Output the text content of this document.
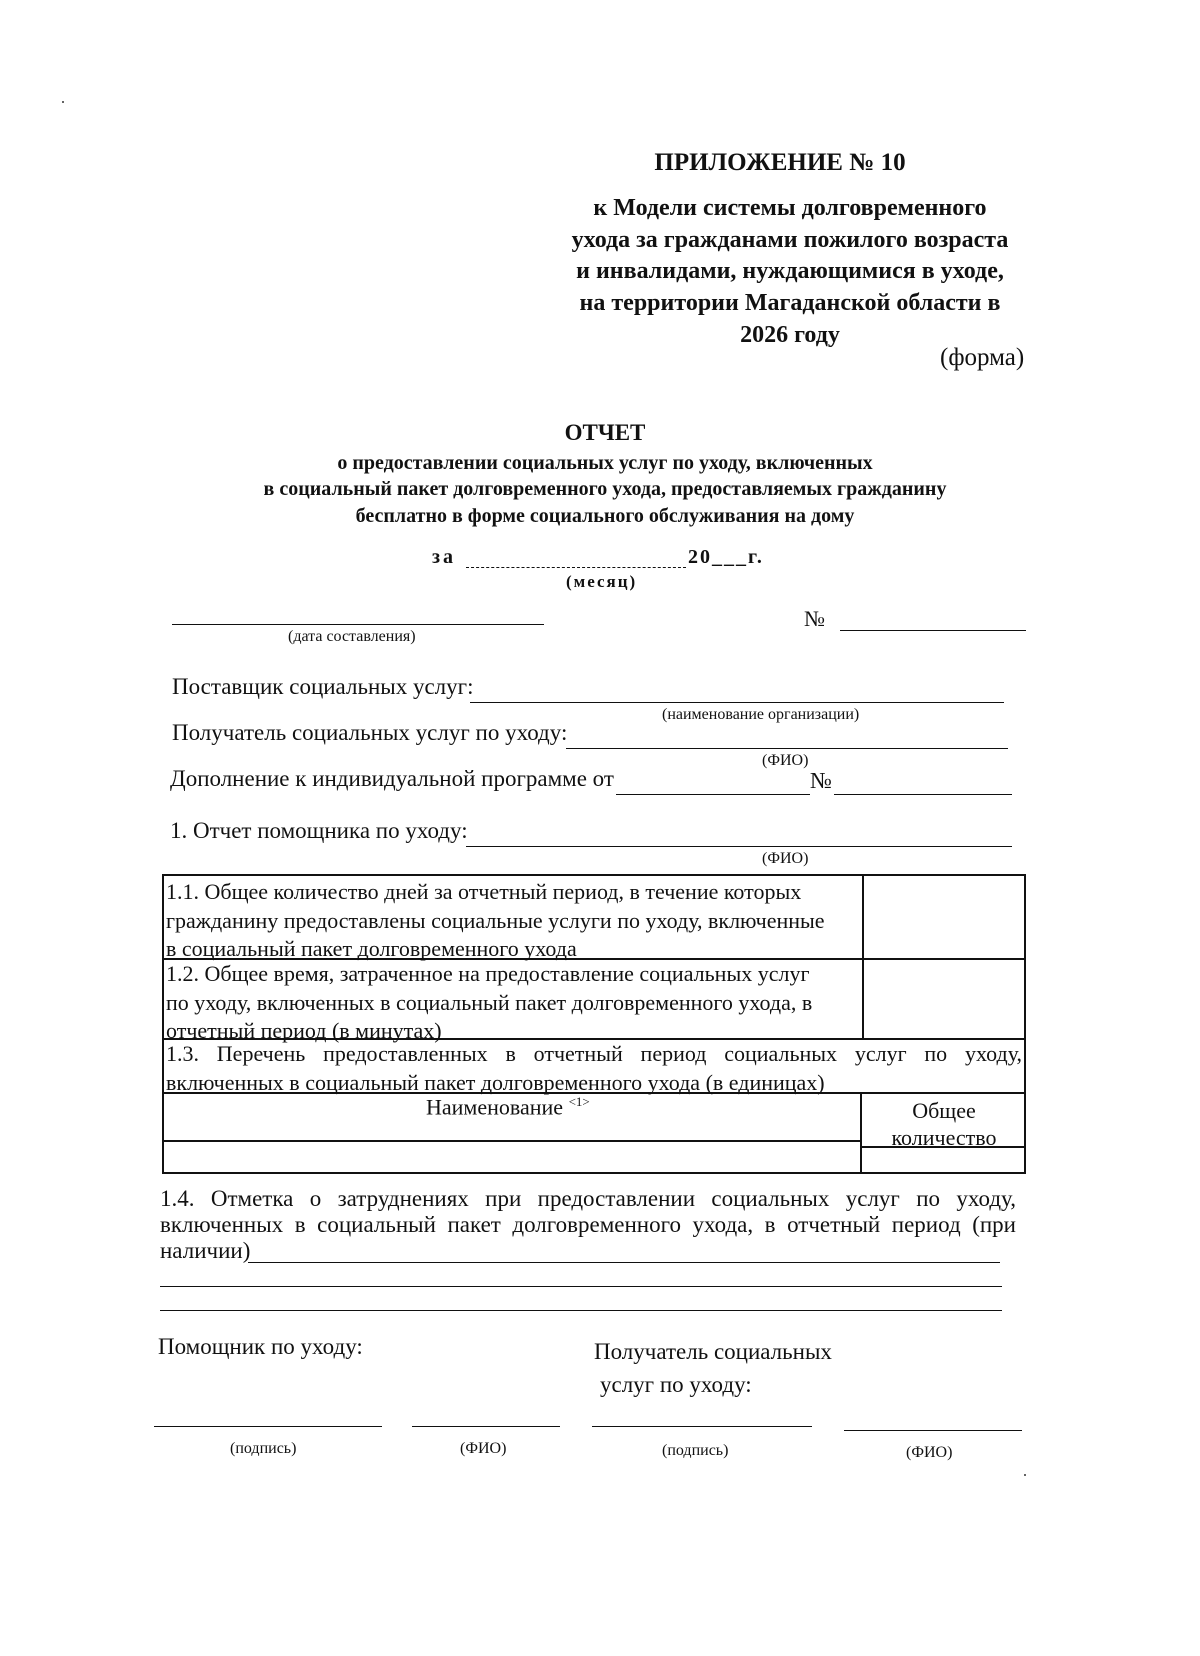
ПРИЛОЖЕНИЕ № 10
к Модели системы долговременного
ухода за гражданами пожилого возраста
и инвалидами, нуждающимися в уходе,
на территории Магаданской области в
2026 году
(форма)
ОТЧЕТ
о предоставлении социальных услуг по уходу, включенных
в социальный пакет долговременного ухода, предоставляемых гражданину
бесплатно в форме социального обслуживания на дому
за	20___г.
(месяц)
(дата составления)
№
Поставщик социальных услуг:
(наименование организации)
Получатель социальных услуг по уходу:
(ФИО)
Дополнение к индивидуальной программе от	№
1. Отчет помощника по уходу:
(ФИО)
1.1. Общее количество дней за отчетный период, в течение которых
гражданину предоставлены социальные услуги по уходу, включенные
в социальный пакет долговременного ухода
1.2. Общее время, затраченное на предоставление социальных услуг
по уходу, включенных в социальный пакет долговременного ухода, в
отчетный период (в минутах)
1.3. Перечень предоставленных в отчетный период социальных услуг по уходу,
включенных в социальный пакет долговременного ухода (в единицах)
Наименование $^{<1>}$	Общее
количество
1.4. Отметка о затруднениях при предоставлении социальных услуг по уходу,
включенных в социальный пакет долговременного ухода, в отчетный период (при
наличии)
Помощник по уходу:	Получатель социальных
услуг по уходу:
(подпись)	(ФИО)	(подпись)	(ФИО)
